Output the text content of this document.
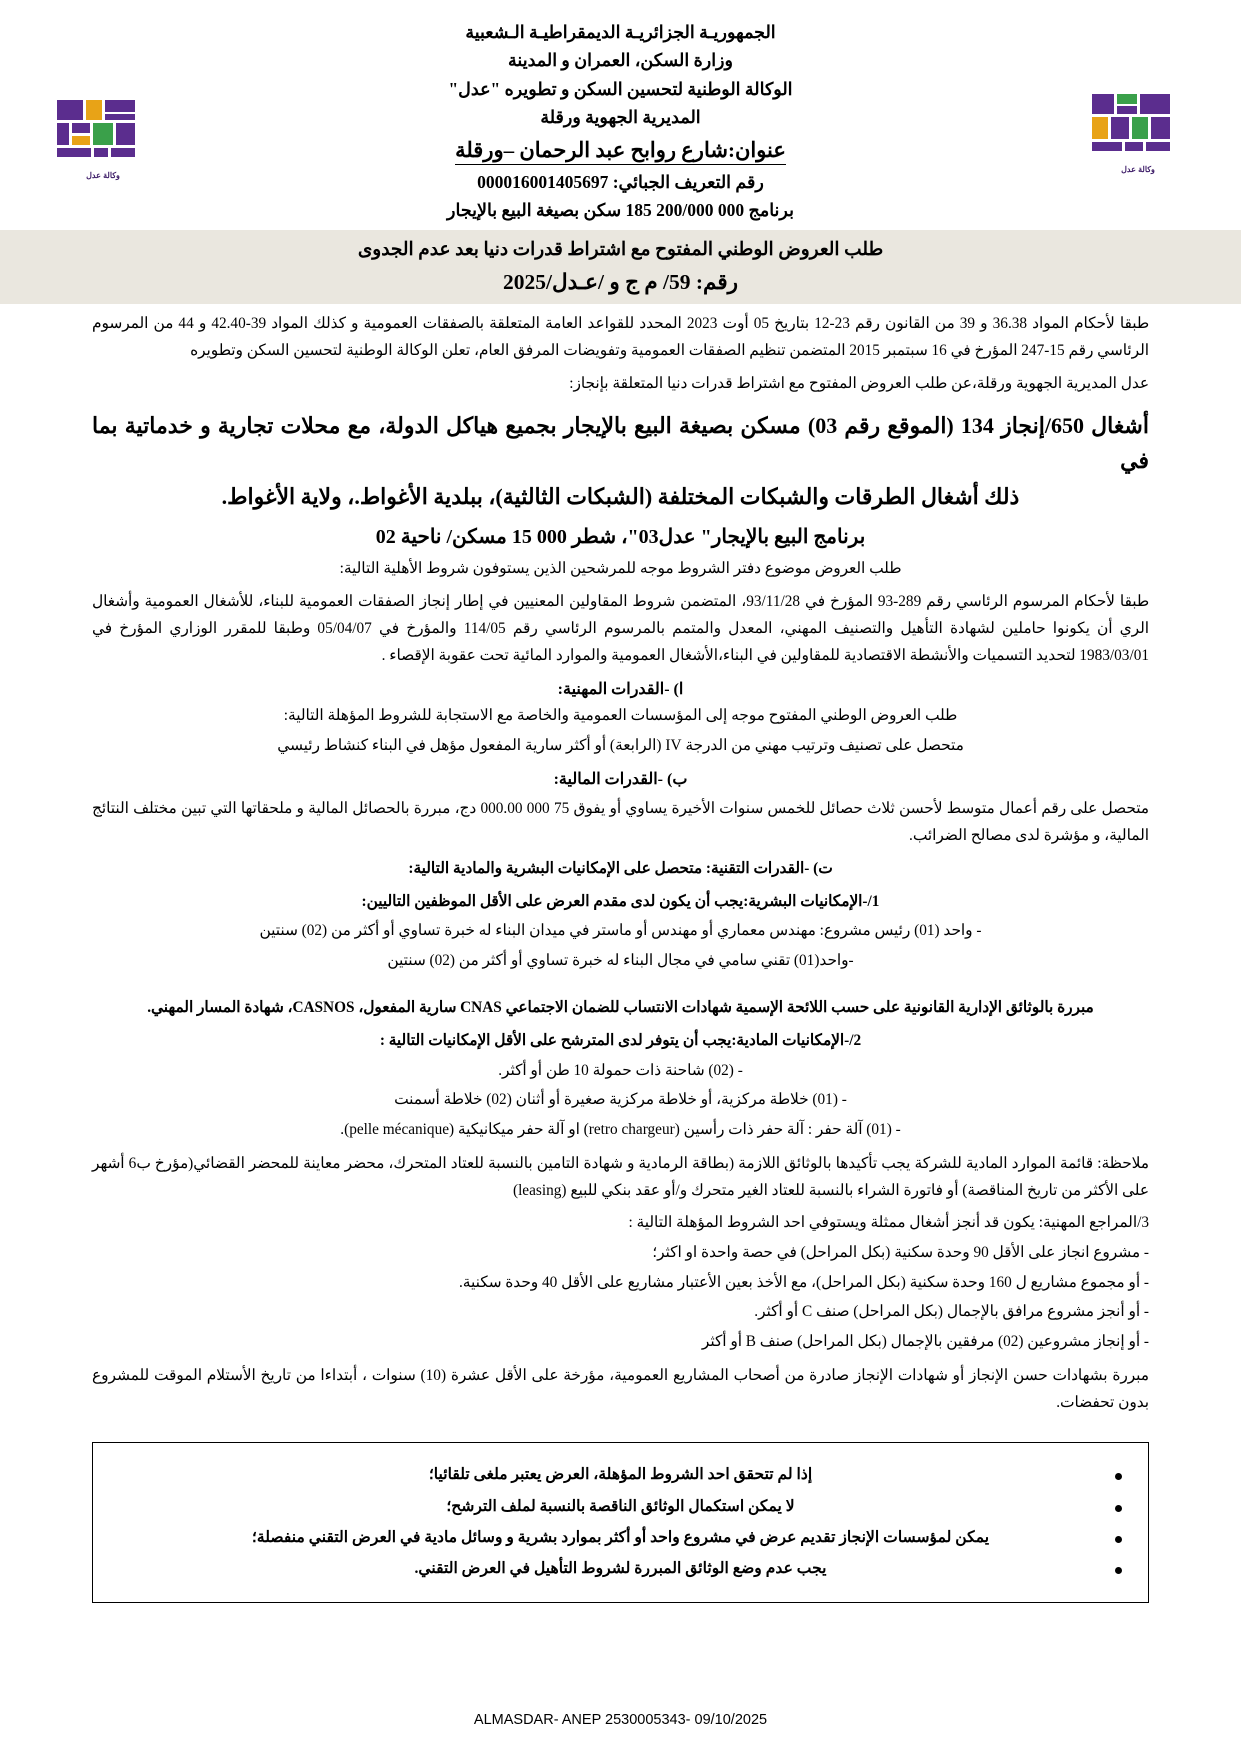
وكالة عدل
وكالة عدل
الجمهوريـة الجزائريـة الديمقراطيـة الـشعبية
وزارة السكن، العمران و المدينة
الوكالة الوطنية لتحسين السكن و تطويره "عدل"
المديرية الجهوية ورقلة
عنوان:شارع روابح عبد الرحمان –ورقلة
رقم التعريف الجبائي: 000016001405697
برنامج 000 200/000 185 سكن بصيغة البيع بالإيجار
طلب العروض الوطني المفتوح مع اشتراط قدرات دنيا بعد عدم الجدوى
رقم: 59/ م ج و /عـدل/2025

طبقا لأحكام المواد 36.38 و 39 من القانون رقم 23-12 بتاريخ 05 أوت 2023 المحدد للقواعد العامة المتعلقة بالصفقات العمومية و كذلك المواد 39-42.40 و 44 من المرسوم الرئاسي رقم 15-247 المؤرخ في 16 سبتمبر 2015 المتضمن تنظيم الصفقات العمومية وتفويضات المرفق العام، تعلن الوكالة الوطنية لتحسين السكن وتطويره

عدل المديرية الجهوية ورقلة،عن طلب العروض المفتوح مع اشتراط قدرات دنيا المتعلقة بإنجاز:

أشغال 650/إنجاز 134 (الموقع رقم 03) مسكن بصيغة البيع بالإيجار بجميع هياكل الدولة، مع محلات تجارية و خدماتية بما في
ذلك أشغال الطرقات والشبكات المختلفة (الشبكات الثالثية)، ببلدية الأغواط.، ولاية الأغواط.
برنامج البيع بالإيجار" عدل03"، شطر 000 15 مسكن/ ناحية 02

طلب العروض موضوع دفتر الشروط موجه للمرشحين الذين يستوفون شروط الأهلية التالية:

طبقا لأحكام المرسوم الرئاسي رقم 289-93 المؤرخ في 93/11/28، المتضمن شروط المقاولين المعنيين في إطار إنجاز الصفقات العمومية للبناء، للأشغال العمومية وأشغال الري أن يكونوا حاملين لشهادة التأهيل والتصنيف المهني، المعدل والمتمم بالمرسوم الرئاسي رقم 114/05 والمؤرخ في 05/04/07 وطبقا للمقرر الوزاري المؤرخ في 1983/03/01 لتحديد التسميات والأنشطة الاقتصادية للمقاولين في البناء،الأشغال العمومية والموارد المائية تحت عقوبة الإقصاء .

ا) -القدرات المهنية:

طلب العروض الوطني المفتوح موجه إلى المؤسسات العمومية والخاصة مع الاستجابة للشروط المؤهلة التالية:

متحصل على تصنيف وترتيب مهني من الدرجة IV (الرابعة) أو أكثر سارية المفعول مؤهل في البناء كنشاط رئيسي

ب) -القدرات المالية:

متحصل على رقم أعمال متوسط لأحسن ثلاث حصائل للخمس سنوات الأخيرة يساوي أو يفوق 75 000 000.00 دج، مبررة بالحصائل المالية و ملحقاتها التي تبين مختلف النتائج المالية، و مؤشرة لدى مصالح الضرائب.

ت) -القدرات التقنية: متحصل على الإمكانيات البشرية والمادية التالية:

1/-الإمكانيات البشرية:يجب أن يكون لدى مقدم العرض على الأقل الموظفين التاليين:

- واحد (01) رئيس مشروع: مهندس معماري أو مهندس أو ماستر في ميدان البناء له خبرة تساوي أو أكثر من (02) سنتين

-واحد(01) تقني سامي في مجال البناء له خبرة تساوي أو أكثر من (02) سنتين

مبررة بالوثائق الإدارية القانونية على حسب اللائحة الإسمية شهادات الانتساب للضمان الاجتماعي CNAS سارية المفعول، CASNOS، شهادة المسار المهني.

2/-الإمكانيات المادية:يجب أن يتوفر لدى المترشح على الأقل الإمكانيات التالية :

- (02) شاحنة ذات حمولة 10 طن أو أكثر.

- (01) خلاطة مركزية، أو خلاطة مركزية صغيرة أو أثنان (02) خلاطة أسمنت

- (01) آلة حفر : آلة حفر ذات رأسين (retro chargeur) او آلة حفر ميكانيكية (pelle mécanique).

ملاحظة: قائمة الموارد المادية للشركة يجب تأكيدها بالوثائق اللازمة (بطاقة الرمادية و شهادة التامين بالنسبة للعتاد المتحرك، محضر معاينة للمحضر القضائي(مؤرخ ب6 أشهر على الأكثر من تاريخ المناقصة) أو فاتورة الشراء بالنسبة للعتاد الغير متحرك و/أو عقد بنكي للبيع (leasing)

3/المراجع المهنية: يكون قد أنجز أشغال ممثلة ويستوفي احد الشروط المؤهلة التالية :

- مشروع انجاز على الأقل 90 وحدة سكنية (بكل المراحل) في حصة واحدة او اكثر؛

- أو مجموع مشاريع ل 160 وحدة سكنية (بكل المراحل)، مع الأخذ بعين الأعتبار مشاريع على الأقل 40 وحدة سكنية.

- أو أنجز مشروع مرافق بالإجمال (بكل المراحل) صنف C أو أكثر.

- أو إنجاز مشروعين (02) مرفقين بالإجمال (بكل المراحل) صنف B أو أكثر

مبررة بشهادات حسن الإنجاز أو شهادات الإنجاز صادرة من أصحاب المشاريع العمومية، مؤرخة على الأقل عشرة (10) سنوات ، أبتداءا من تاريخ الأستلام الموقت للمشروع بدون تحفضات.

إذا لم تتحقق احد الشروط المؤهلة، العرض يعتبر ملغى تلقائيا؛
لا يمكن استكمال الوثائق الناقصة بالنسبة لملف الترشح؛
يمكن لمؤسسات الإنجاز تقديم عرض في مشروع واحد أو أكثر بموارد بشرية و وسائل مادية في العرض التقني منفصلة؛
يجب عدم وضع الوثائق المبررة لشروط التأهيل في العرض التقني.
ALMASDAR- ANEP 2530005343- 09/10/2025
